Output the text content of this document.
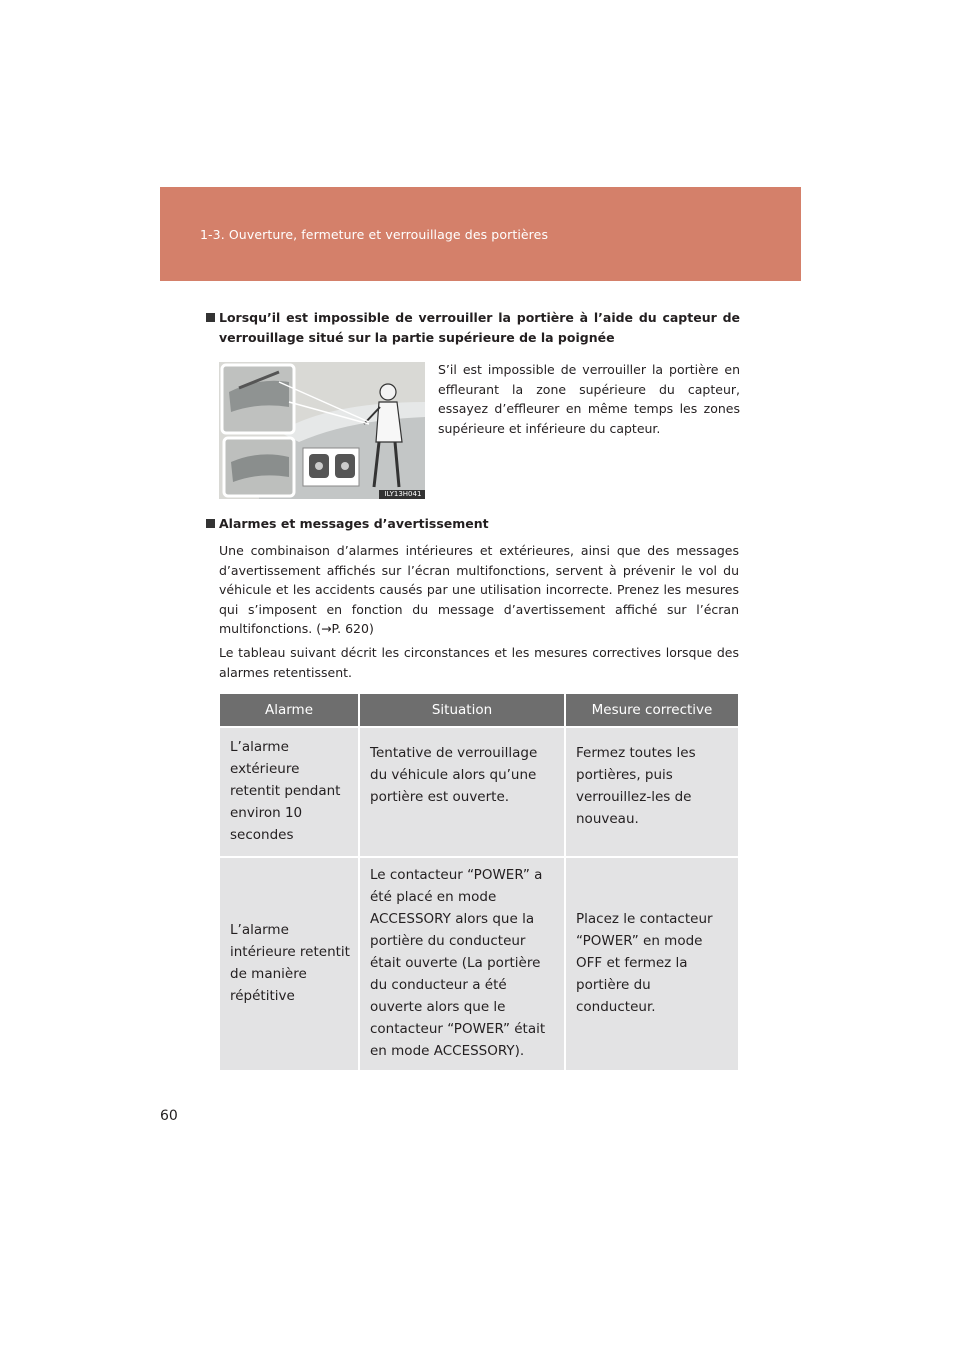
1-3. Ouverture, fermeture et verrouillage des portières
Lorsqu’il est impossible de verrouiller la portière à l’aide du capteur de verrouillage situé sur la partie supérieure de la poignée
ILY13H041
S’il est impossible de verrouiller la portière en effleurant la zone supérieure du capteur, essayez d’effleurer en même temps les zones supérieure et inférieure du capteur.
Alarmes et messages d’avertissement
Une combinaison d’alarmes intérieures et extérieures, ainsi que des messages d’avertissement affichés sur l’écran multifonctions, servent à prévenir le vol du véhicule et les accidents causés par une utilisation incorrecte. Prenez les mesures qui s’imposent en fonction du message d’avertissement affiché sur l’écran multifonctions. (→P. 620)
Le tableau suivant décrit les circonstances et les mesures correctives lorsque des alarmes retentissent.
Alarme	Situation	Mesure corrective
L’alarme extérieure retentit pendant environ 10 secondes	Tentative de verrouillage du véhicule alors qu’une portière est ouverte.	Fermez toutes les portières, puis verrouillez-les de nouveau.
L’alarme intérieure retentit de manière répétitive	Le contacteur “POWER” a été placé en mode ACCESSORY alors que la portière du conducteur était ouverte (La portière du conducteur a été ouverte alors que le contacteur “POWER” était en mode ACCESSORY).	Placez le contacteur “POWER” en mode OFF et fermez la portière du conducteur.
60
